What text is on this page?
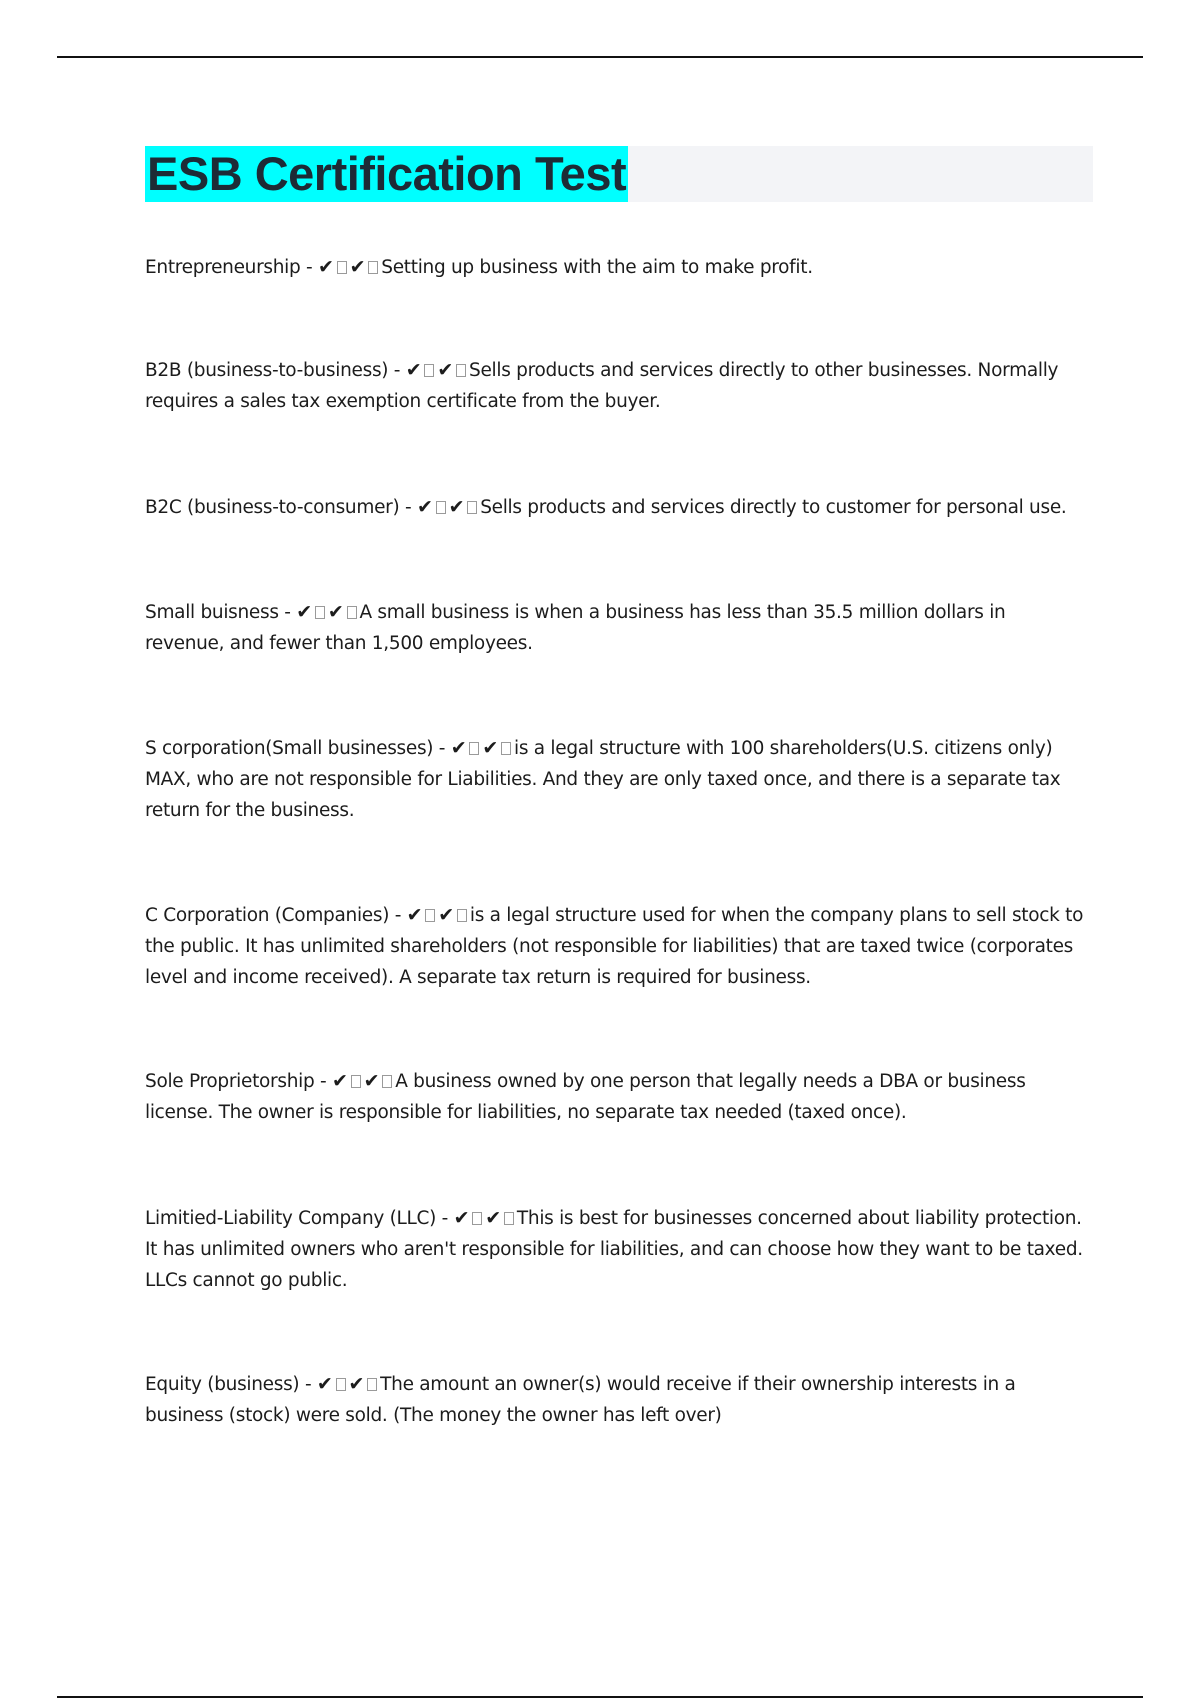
ESB Certification Test
Entrepreneurship - ✔ ✔ Setting up business with the aim to make profit.
B2B (business-to-business) - ✔ ✔ Sells products and services directly to other businesses. Normally requires a sales tax exemption certificate from the buyer.
B2C (business-to-consumer) - ✔ ✔ Sells products and services directly to customer for personal use.
Small buisness - ✔ ✔ A small business is when a business has less than 35.5 million dollars in revenue, and fewer than 1,500 employees.
S corporation(Small businesses) - ✔ ✔ is a legal structure with 100 shareholders(U.S. citizens only) MAX, who are not responsible for Liabilities. And they are only taxed once, and there is a separate tax return for the business.
C Corporation (Companies) - ✔ ✔ is a legal structure used for when the company plans to sell stock to the public. It has unlimited shareholders (not responsible for liabilities) that are taxed twice (corporates level and income received). A separate tax return is required for business.
Sole Proprietorship - ✔ ✔ A business owned by one person that legally needs a DBA or business license. The owner is responsible for liabilities, no separate tax needed (taxed once).
Limitied-Liability Company (LLC) - ✔ ✔ This is best for businesses concerned about liability protection. It has unlimited owners who aren't responsible for liabilities, and can choose how they want to be taxed. LLCs cannot go public.
Equity (business) - ✔ ✔ The amount an owner(s) would receive if their ownership interests in a business (stock) were sold. (The money the owner has left over)
